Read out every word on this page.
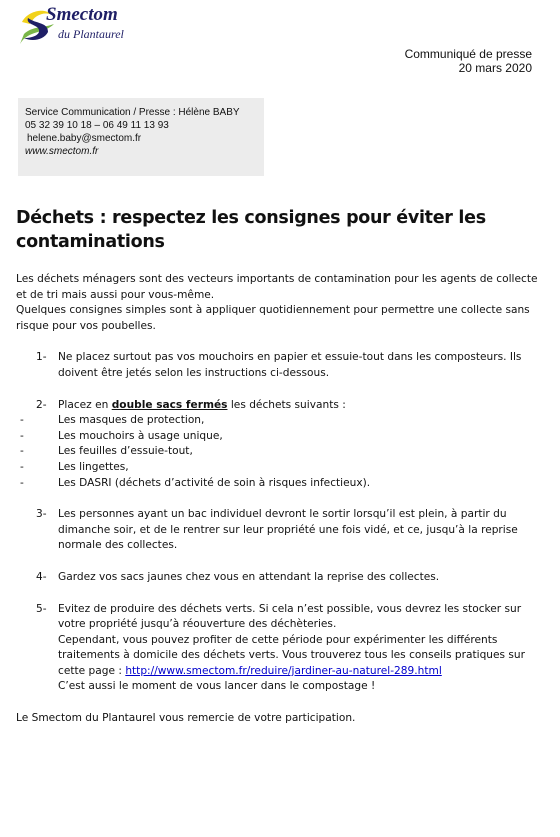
Smectom
du Plantaurel
Communiqué de presse
20 mars 2020
Service Communication / Presse : Hélène BABY
05 32 39 10 18 – 06 49 11 13 93
helene.baby@smectom.fr
www.smectom.fr
Déchets : respectez les consignes pour éviter les contaminations

Les déchets ménagers sont des vecteurs importants de contamination pour les agents de collecte et de tri mais aussi pour vous-même.

Quelques consignes simples sont à appliquer quotidiennement pour permettre une collecte sans risque pour vos poubelles.

1-	Ne placez surtout pas vos mouchoirs en papier et essuie-tout dans les composteurs. Ils doivent être jetés selon les instructions ci-dessous.
2-	Placez en double sacs fermés les déchets suivants :
-	Les masques de protection,
-	Les mouchoirs à usage unique,
-	Les feuilles d’essuie-tout,
-	Les lingettes,
-	Les DASRI (déchets d’activité de soin à risques infectieux).
3-	Les personnes ayant un bac individuel devront le sortir lorsqu’il est plein, à partir du dimanche soir, et de le rentrer sur leur propriété une fois vidé, et ce, jusqu’à la reprise normale des collectes.
4-	Gardez vos sacs jaunes chez vous en attendant la reprise des collectes.
5-	Evitez de produire des déchets verts. Si cela n’est possible, vous devrez les stocker sur votre propriété jusqu’à réouverture des déchèteries.
Cependant, vous pouvez profiter de cette période pour expérimenter les différents traitements à domicile des déchets verts. Vous trouverez tous les conseils pratiques sur cette page : http://www.smectom.fr/reduire/jardiner-au-naturel-289.html
C’est aussi le moment de vous lancer dans le compostage !

Le Smectom du Plantaurel vous remercie de votre participation.
